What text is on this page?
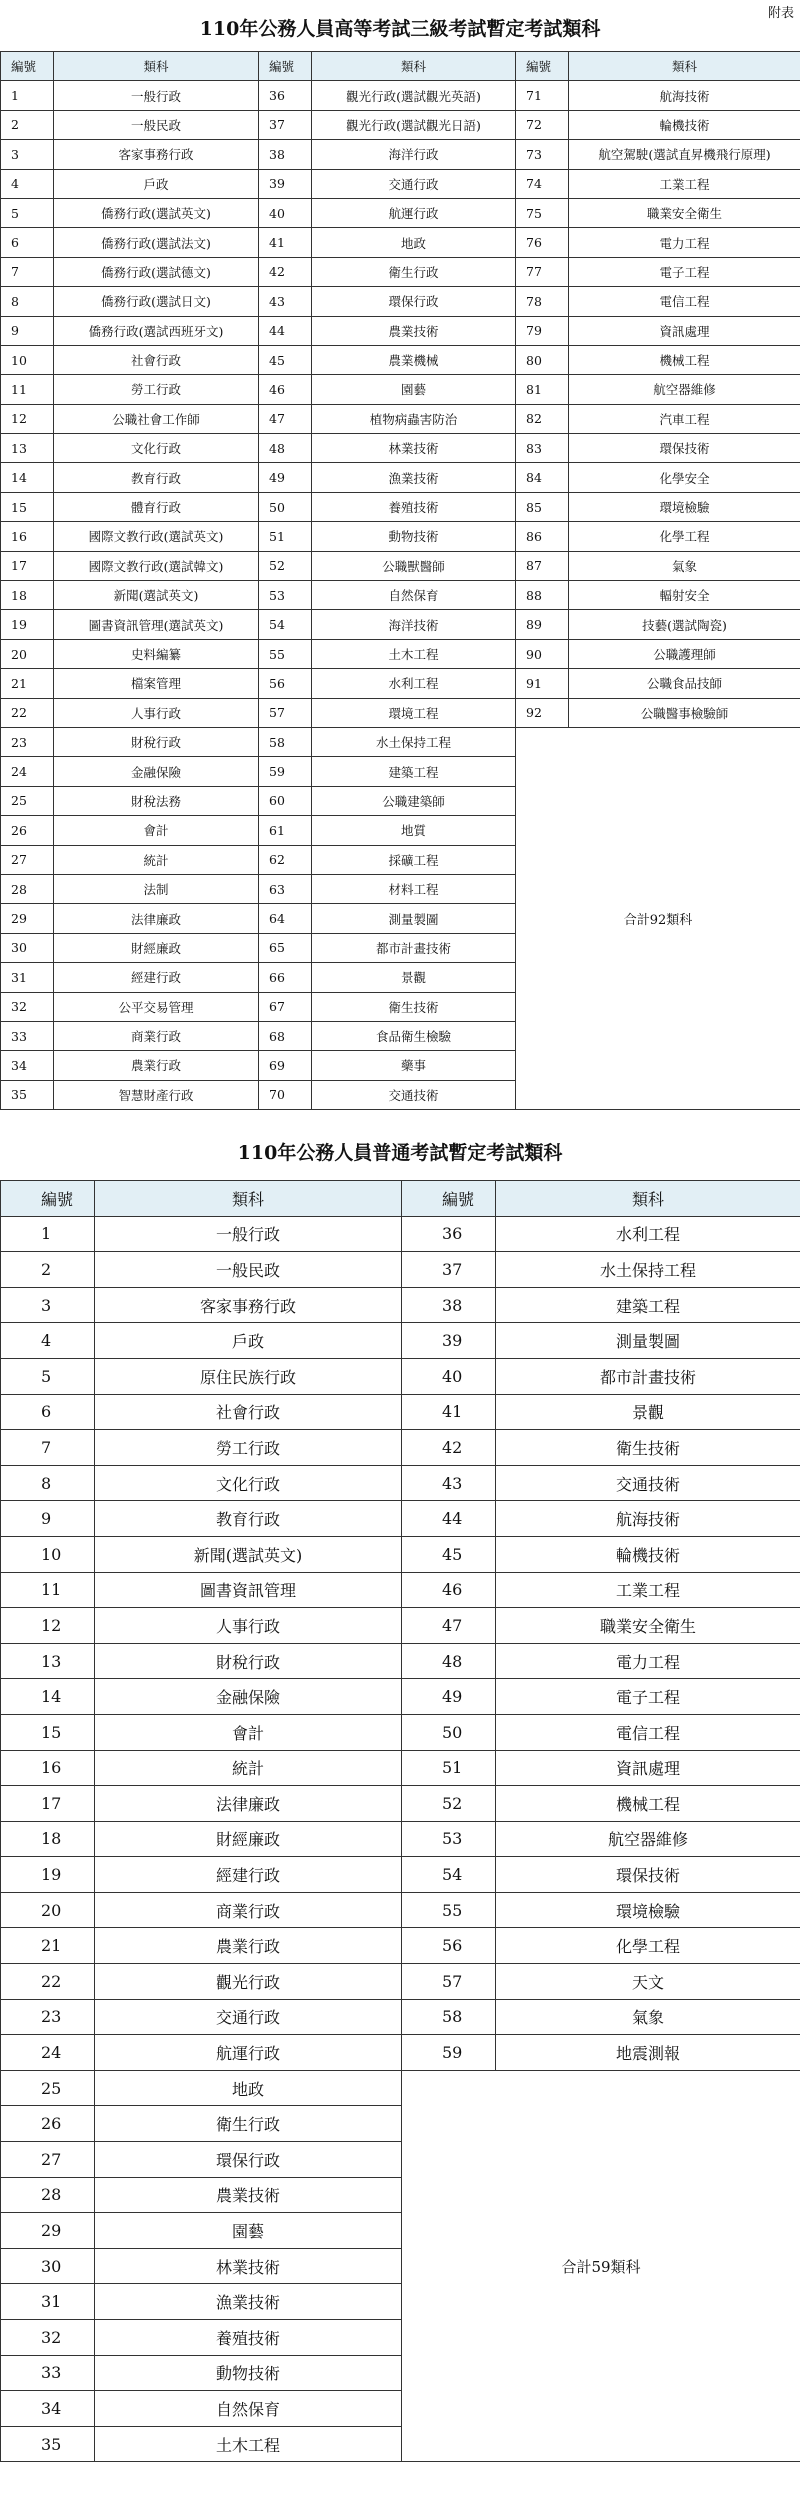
附表
110年公務人員高等考試三級考試暫定考試類科
編號	類科	編號	類科	編號	類科
1	一般行政	36	觀光行政(選試觀光英語)	71	航海技術
2	一般民政	37	觀光行政(選試觀光日語)	72	輪機技術
3	客家事務行政	38	海洋行政	73	航空駕駛(選試直昇機飛行原理)
4	戶政	39	交通行政	74	工業工程
5	僑務行政(選試英文)	40	航運行政	75	職業安全衛生
6	僑務行政(選試法文)	41	地政	76	電力工程
7	僑務行政(選試德文)	42	衛生行政	77	電子工程
8	僑務行政(選試日文)	43	環保行政	78	電信工程
9	僑務行政(選試西班牙文)	44	農業技術	79	資訊處理
10	社會行政	45	農業機械	80	機械工程
11	勞工行政	46	園藝	81	航空器維修
12	公職社會工作師	47	植物病蟲害防治	82	汽車工程
13	文化行政	48	林業技術	83	環保技術
14	教育行政	49	漁業技術	84	化學安全
15	體育行政	50	養殖技術	85	環境檢驗
16	國際文教行政(選試英文)	51	動物技術	86	化學工程
17	國際文教行政(選試韓文)	52	公職獸醫師	87	氣象
18	新聞(選試英文)	53	自然保育	88	輻射安全
19	圖書資訊管理(選試英文)	54	海洋技術	89	技藝(選試陶瓷)
20	史料編纂	55	土木工程	90	公職護理師
21	檔案管理	56	水利工程	91	公職食品技師
22	人事行政	57	環境工程	92	公職醫事檢驗師
23	財稅行政	58	水土保持工程	合計92類科	
24	金融保險	59	建築工程		
25	財稅法務	60	公職建築師		
26	會計	61	地質		
27	統計	62	採礦工程		
28	法制	63	材料工程		
29	法律廉政	64	測量製圖		
30	財經廉政	65	都市計畫技術		
31	經建行政	66	景觀		
32	公平交易管理	67	衛生技術		
33	商業行政	68	食品衛生檢驗		
34	農業行政	69	藥事		
35	智慧財產行政	70	交通技術		
110年公務人員普通考試暫定考試類科
編號	類科	編號	類科
1	一般行政	36	水利工程
2	一般民政	37	水土保持工程
3	客家事務行政	38	建築工程
4	戶政	39	測量製圖
5	原住民族行政	40	都市計畫技術
6	社會行政	41	景觀
7	勞工行政	42	衛生技術
8	文化行政	43	交通技術
9	教育行政	44	航海技術
10	新聞(選試英文)	45	輪機技術
11	圖書資訊管理	46	工業工程
12	人事行政	47	職業安全衛生
13	財稅行政	48	電力工程
14	金融保險	49	電子工程
15	會計	50	電信工程
16	統計	51	資訊處理
17	法律廉政	52	機械工程
18	財經廉政	53	航空器維修
19	經建行政	54	環保技術
20	商業行政	55	環境檢驗
21	農業行政	56	化學工程
22	觀光行政	57	天文
23	交通行政	58	氣象
24	航運行政	59	地震測報
25	地政	合計59類科	
26	衛生行政		
27	環保行政		
28	農業技術		
29	園藝		
30	林業技術		
31	漁業技術		
32	養殖技術		
33	動物技術		
34	自然保育		
35	土木工程		
